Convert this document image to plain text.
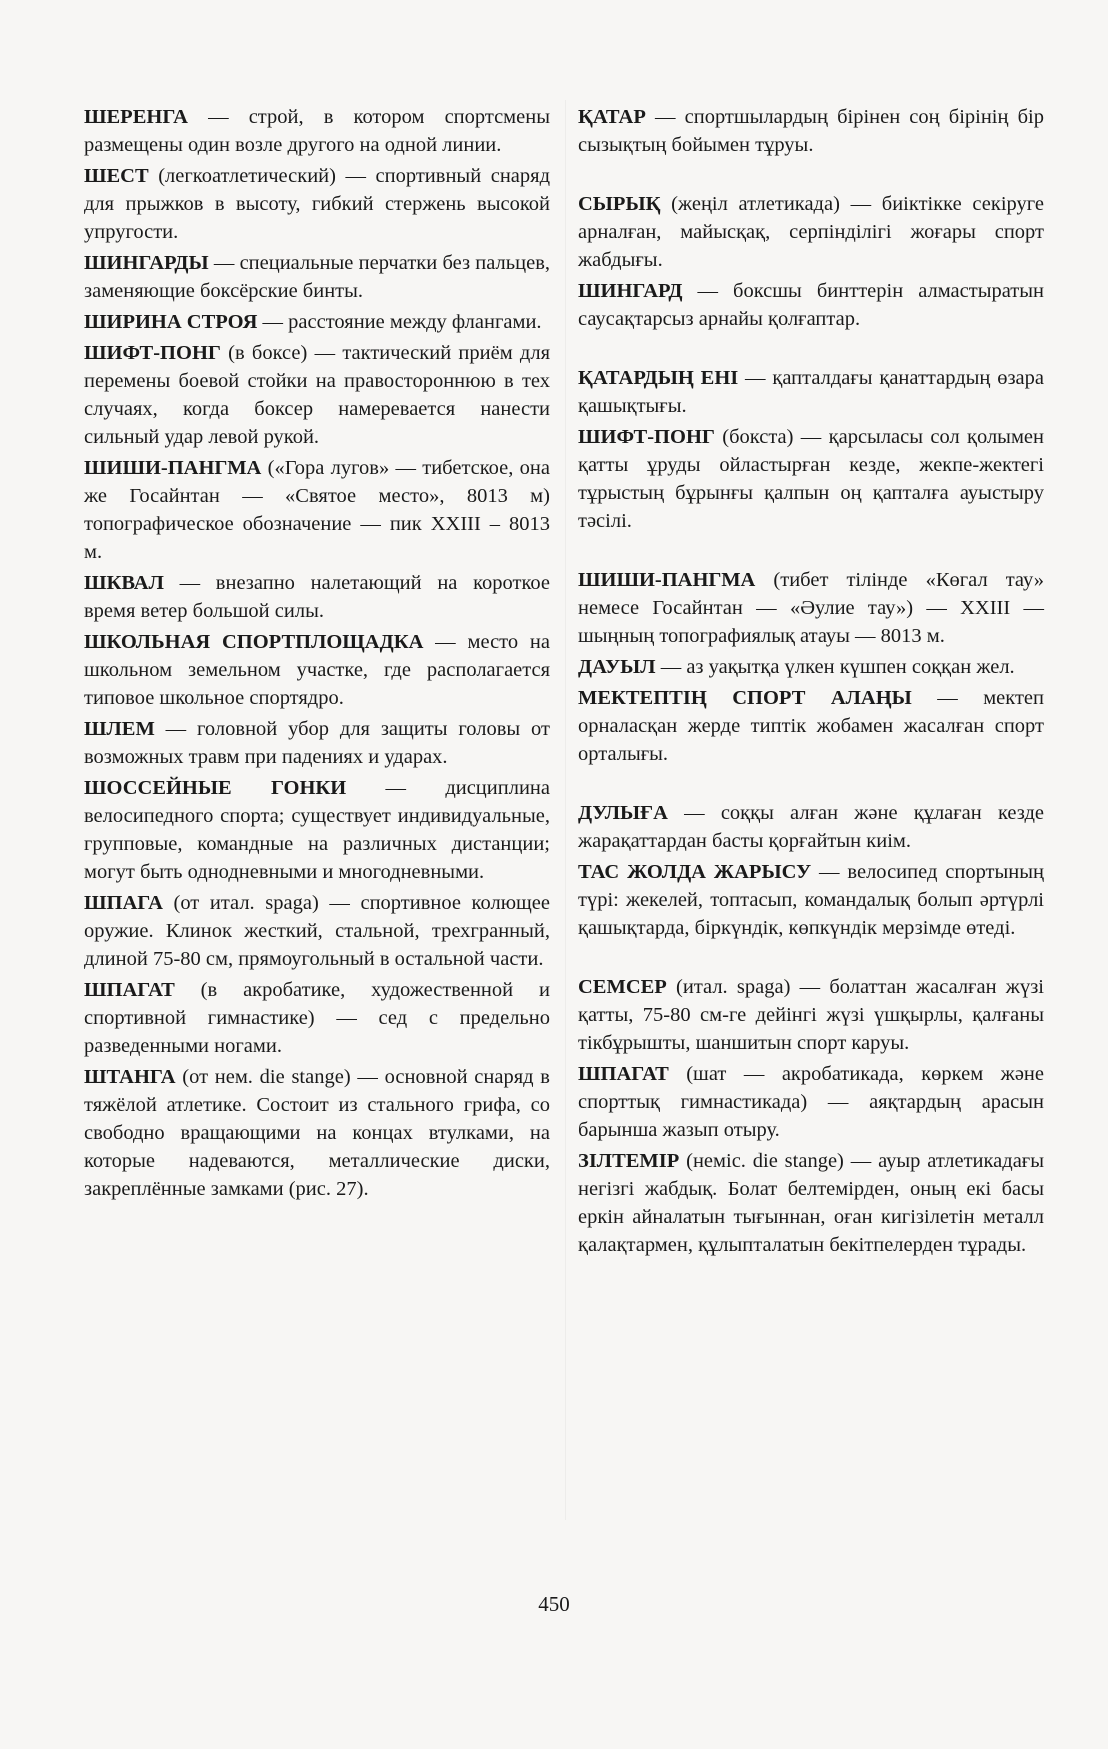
ШЕРЕНГА — строй, в котором спортсмены размещены один возле другого на одной линии.

ШЕСТ (легкоатлетический) — спортивный снаряд для прыжков в высоту, гибкий стержень высокой упругости.

ШИНГАРДЫ — специальные перчатки без пальцев, заменяющие боксёрские бинты.

ШИРИНА СТРОЯ — расстояние между флангами.

ШИФТ-ПОНГ (в боксе) — тактический приём для перемены боевой стойки на правостороннюю в тех случаях, когда боксер намеревается нанести сильный удар левой рукой.

ШИШИ-ПАНГМА («Гора лугов» — тибетское, она же Госайнтан — «Святое место», 8013 м) топографическое обозначение — пик XXIII – 8013 м.

ШКВАЛ — внезапно налетающий на короткое время ветер большой силы.

ШКОЛЬНАЯ СПОРТПЛОЩАДКА — место на школьном земельном участке, где располагается типовое школьное спортядро.

ШЛЕМ — головной убор для защиты головы от возможных травм при падениях и ударах.

ШОССЕЙНЫЕ ГОНКИ — дисциплина велосипедного спорта; существует индивидуальные, групповые, командные на различных дистанции; могут быть однодневными и многодневными.

ШПАГА (от итал. spaga) — спортивное колющее оружие. Клинок жесткий, стальной, трехгранный, длиной 75-80 см, прямоугольный в остальной части.

ШПАГАТ (в акробатике, художественной и спортивной гимнастике) — сед с предельно разведенными ногами.

ШТАНГА (от нем. die stange) — основной снаряд в тяжёлой атлетике. Состоит из стального грифа, со свободно вращающими на концах втулками, на которые надеваются, металлические диски, закреплённые замками (рис. 27).

ҚАТАР — спортшылардың бірінен соң бірінің бір сызықтың бойымен тұруы.

СЫРЫҚ (жеңіл атлетикада) — биіктікке секіруге арналған, майысқақ, серпінділігі жоғары спорт жабдығы.

ШИНГАРД — боксшы бинттерін алмастыратын саусақтарсыз арнайы қолғаптар.

ҚАТАРДЫҢ ЕНІ — қапталдағы қанаттардың өзара қашықтығы.

ШИФТ-ПОНГ (бокста) — қарсыласы сол қолымен қатты ұруды ойластырған кезде, жекпе-жектегі тұрыстың бұрынғы қалпын оң қапталға ауыстыру тәсілі.

ШИШИ-ПАНГМА (тибет тілінде «Көгал тау» немесе Госайнтан — «Әулие тау») — XXIII — шыңның топографиялық атауы — 8013 м.

ДАУЫЛ — аз уақытқа үлкен күшпен соққан жел.

МЕКТЕПТІҢ СПОРТ АЛАҢЫ — мектеп орналасқан жерде типтік жобамен жасалған спорт орталығы.

ДУЛЫҒА — соққы алған және құлаған кезде жарақаттардан басты қорғайтын киім.

ТАС ЖОЛДА ЖАРЫСУ — велосипед спортының түрі: жекелей, топтасып, командалық болып әртүрлі қашықтарда, біркүндік, көпкүндік мерзімде өтеді.

СЕМСЕР (итал. spaga) — болаттан жасалған жүзі қатты, 75-80 см-ге дейінгі жүзі үшқырлы, қалғаны тікбұрышты, шаншитын спорт каруы.

ШПАГАТ (шат — акробатикада, көркем және спорттық гимнастикада) — аяқтардың арасын барынша жазып отыру.

ЗІЛТЕМІР (неміс. die stange) — ауыр атлетикадағы негізгі жабдық. Болат белтемірден, оның екі басы еркін айналатын тығыннан, оған кигізілетін металл қалақтармен, құлыпталатын бекітпелерден тұрады.

450
